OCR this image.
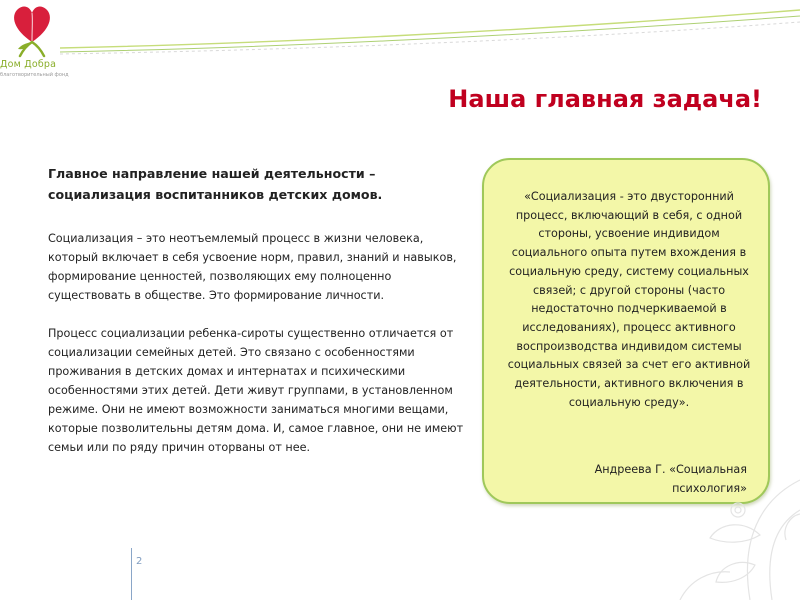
Дом Добра
благотворительный фонд
Наша главная задача!

Главное направление нашей деятельности – социализация воспитанников детских домов.

Социализация – это неотъемлемый процесс в жизни человека, который включает в себя усвоение норм, правил, знаний и навыков, формирование ценностей, позволяющих ему полноценно существовать в обществе. Это формирование личности.

Процесс социализации ребенка-сироты существенно отличается от социализации семейных детей. Это связано с особенностями проживания в детских домах и интернатах и психическими особенностями этих детей. Дети живут группами, в установленном режиме. Они не имеют возможности заниматься многими вещами, которые позволительны детям дома. И, самое главное, они не имеют семьи или по ряду причин оторваны от нее.

«Социализация - это двусторонний процесс, включающий в себя, с одной стороны, усвоение индивидом социального опыта путем вхождения в социальную среду, систему социальных связей; с другой стороны (часто недостаточно подчеркиваемой в исследованиях), процесс активного воспроизводства индивидом системы социальных связей за счет его активной деятельности, активного включения в социальную среду».

Андреева Г. «Социальная
психология»
2
